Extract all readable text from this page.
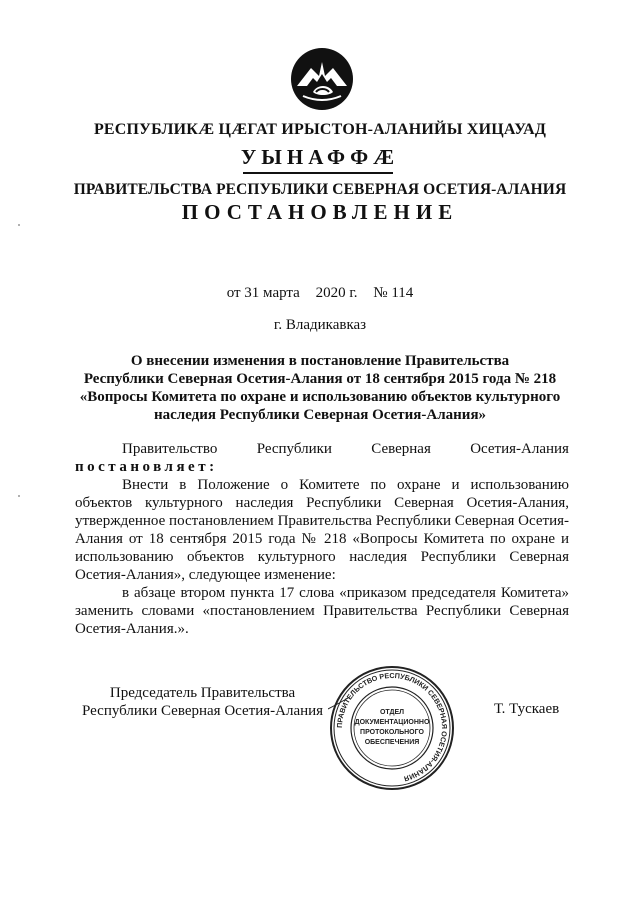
РЕСПУБЛИКӔ ЦӔГАТ ИРЫСТОН-АЛАНИЙЫ ХИЦАУАД
УЫНАФФӔ
ПРАВИТЕЛЬСТВА РЕСПУБЛИКИ СЕВЕРНАЯ ОСЕТИЯ-АЛАНИЯ
ПОСТАНОВЛЕНИЕ
от 31 марта 2020 г. № 114
г. Владикавказ
О внесении изменения в постановление Правительства
Республики Северная Осетия-Алания от 18 сентября 2015 года № 218
«Вопросы Комитета по охране и использованию объектов культурного
наследия Республики Северная Осетия-Алания»
Правительство	Республики	Северная	Осетия-Алания

постановляет:

Внести в Положение о Комитете по охране и использованию объектов культурного наследия Республики Северная Осетия-Алания, утвержденное постановлением Правительства Республики Северная Осетия-Алания от 18 сентября 2015 года № 218 «Вопросы Комитета по охране и использованию объектов культурного наследия Республики Северная Осетия-Алания», следующее изменение:

в абзаце втором пункта 17 слова «приказом председателя Комитета» заменить словами «постановлением Правительства Республики Северная Осетия-Алания.».

Председатель Правительства
Республики Северная Осетия-Алания
ПРАВИТЕЛЬСТВО РЕСПУБЛИКИ СЕВЕРНАЯ ОСЕТИЯ-АЛАНИЯ
ОТДЕЛ
ДОКУМЕНТАЦИОННО
ПРОТОКОЛЬНОГО
ОБЕСПЕЧЕНИЯ
Т. Тускаев
